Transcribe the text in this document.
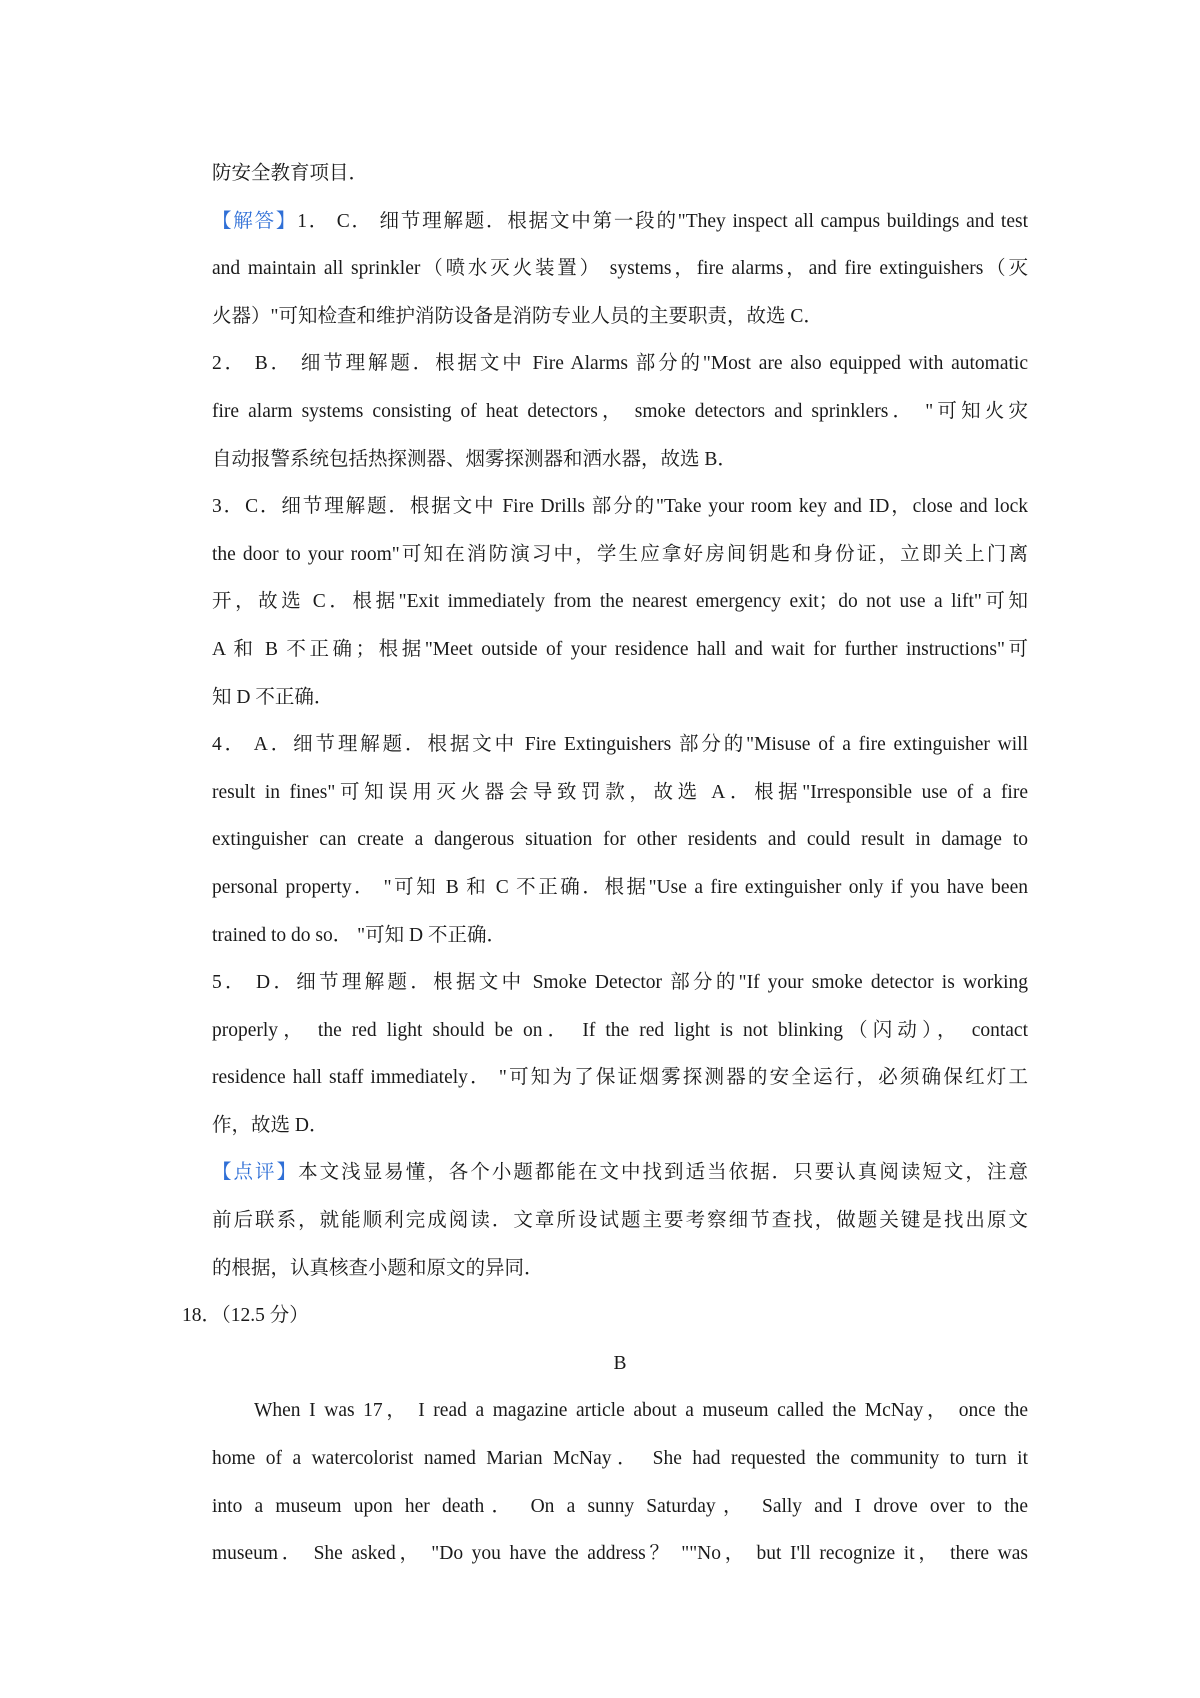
防安全教育项目．
【解答】1． C． 细节理解题．根据文中第一段的"They inspect all campus buildings and test
and maintain all sprinkler（喷水灭火装置） systems，fire alarms，and fire extinguishers（灭
火器）"可知检查和维护消防设备是消防专业人员的主要职责，故选 C．
2． B． 细节理解题．根据文中 Fire Alarms 部分的"Most are also equipped with automatic
fire alarm systems consisting of heat detectors， smoke detectors and sprinklers． "可知火灾
自动报警系统包括热探测器、烟雾探测器和洒水器，故选 B．
3．C．细节理解题．根据文中 Fire Drills 部分的"Take your room key and ID，close and lock
the door to your room"可知在消防演习中，学生应拿好房间钥匙和身份证，立即关上门离
开，故选 C．根据"Exit immediately from the nearest emergency exit；do not use a lift"可知
A 和 B 不正确；根据"Meet outside of your residence hall and wait for further instructions"可
知 D 不正确．
4． A．细节理解题．根据文中 Fire Extinguishers 部分的"Misuse of a fire extinguisher will
result in fines"可知误用灭火器会导致罚款，故选 A．根据"Irresponsible use of a fire
extinguisher can create a dangerous situation for other residents and could result in damage to
personal property． "可知 B 和 C 不正确．根据"Use a fire extinguisher only if you have been
trained to do so． "可知 D 不正确．
5． D．细节理解题．根据文中 Smoke Detector 部分的"If your smoke detector is working
properly， the red light should be on． If the red light is not blinking（闪动）， contact
residence hall staff immediately． "可知为了保证烟雾探测器的安全运行，必须确保红灯工
作，故选 D．
【点评】本文浅显易懂，各个小题都能在文中找到适当依据．只要认真阅读短文，注意
前后联系，就能顺利完成阅读．文章所设试题主要考察细节查找，做题关键是找出原文
的根据，认真核查小题和原文的异同．
18．（12.5 分）
B
When I was 17， I read a magazine article about a museum called the McNay， once the
home of a watercolorist named Marian McNay． She had requested the community to turn it
into a museum upon her death． On a sunny Saturday， Sally and I drove over to the
museum． She asked， "Do you have the address？ ""No， but I'll recognize it， there was
